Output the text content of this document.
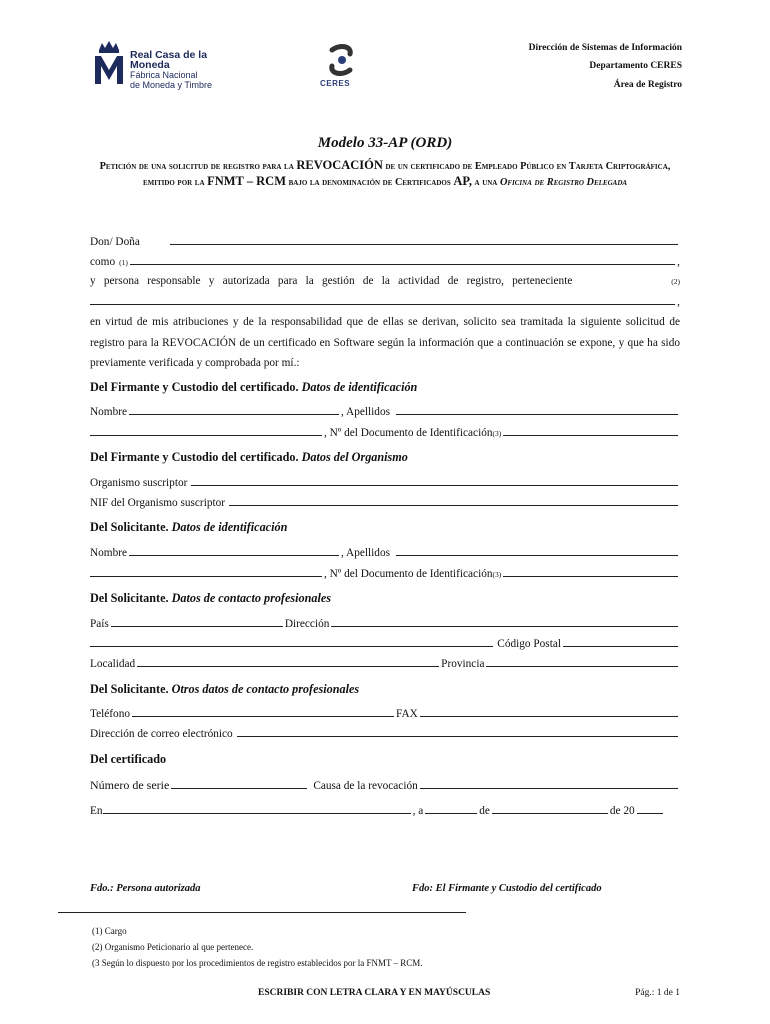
Real Casa de la Moneda
Fábrica Nacional
de Moneda y Timbre	CERES
Dirección de Sistemas de Información
Departamento CERES
Área de Registro
Modelo 33-AP (ORD)
Petición de una solicitud de registro para la REVOCACIÓN de un certificado de Empleado Público en Tarjeta Criptográfica, emitido por la FNMT – RCM bajo la denominación de Certificados AP, a una Oficina de Registro Delegada
Don/ Doña
como (1)	,
y persona responsable y autorizada para la gestión de la actividad de registro, perteneciente	(2)
,
en virtud de mis atribuciones y de la responsabilidad que de ellas se derivan, solicito sea tramitada la siguiente solicitud de registro para la REVOCACIÓN de un certificado en Software según la información que a continuación se expone, y que ha sido previamente verificada y comprobada por mí.:
Del Firmante y Custodio del certificado. Datos de identificación
Nombre	, Apellidos
, Nº del Documento de Identificación (3)
Del Firmante y Custodio del certificado. Datos del Organismo
Organismo suscriptor
NIF del Organismo suscriptor
Del Solicitante. Datos de identificación
Nombre	, Apellidos
, Nº del Documento de Identificación (3)
Del Solicitante. Datos de contacto profesionales
País	Dirección
Código Postal
Localidad	Provincia
Del Solicitante. Otros datos de contacto profesionales
Teléfono	FAX
Dirección de correo electrónico
Del certificado
Número de serie	Causa de la revocación
En	, a	de	de 20
Fdo.: Persona autorizada	Fdo: El Firmante y Custodio del certificado
(1) Cargo
(2) Organismo Peticionario al que pertenece.
(3 Según lo dispuesto por los procedimientos de registro establecidos por la FNMT – RCM.
ESCRIBIR CON LETRA CLARA Y EN MAYÚSCULAS	Pág.: 1 de 1
